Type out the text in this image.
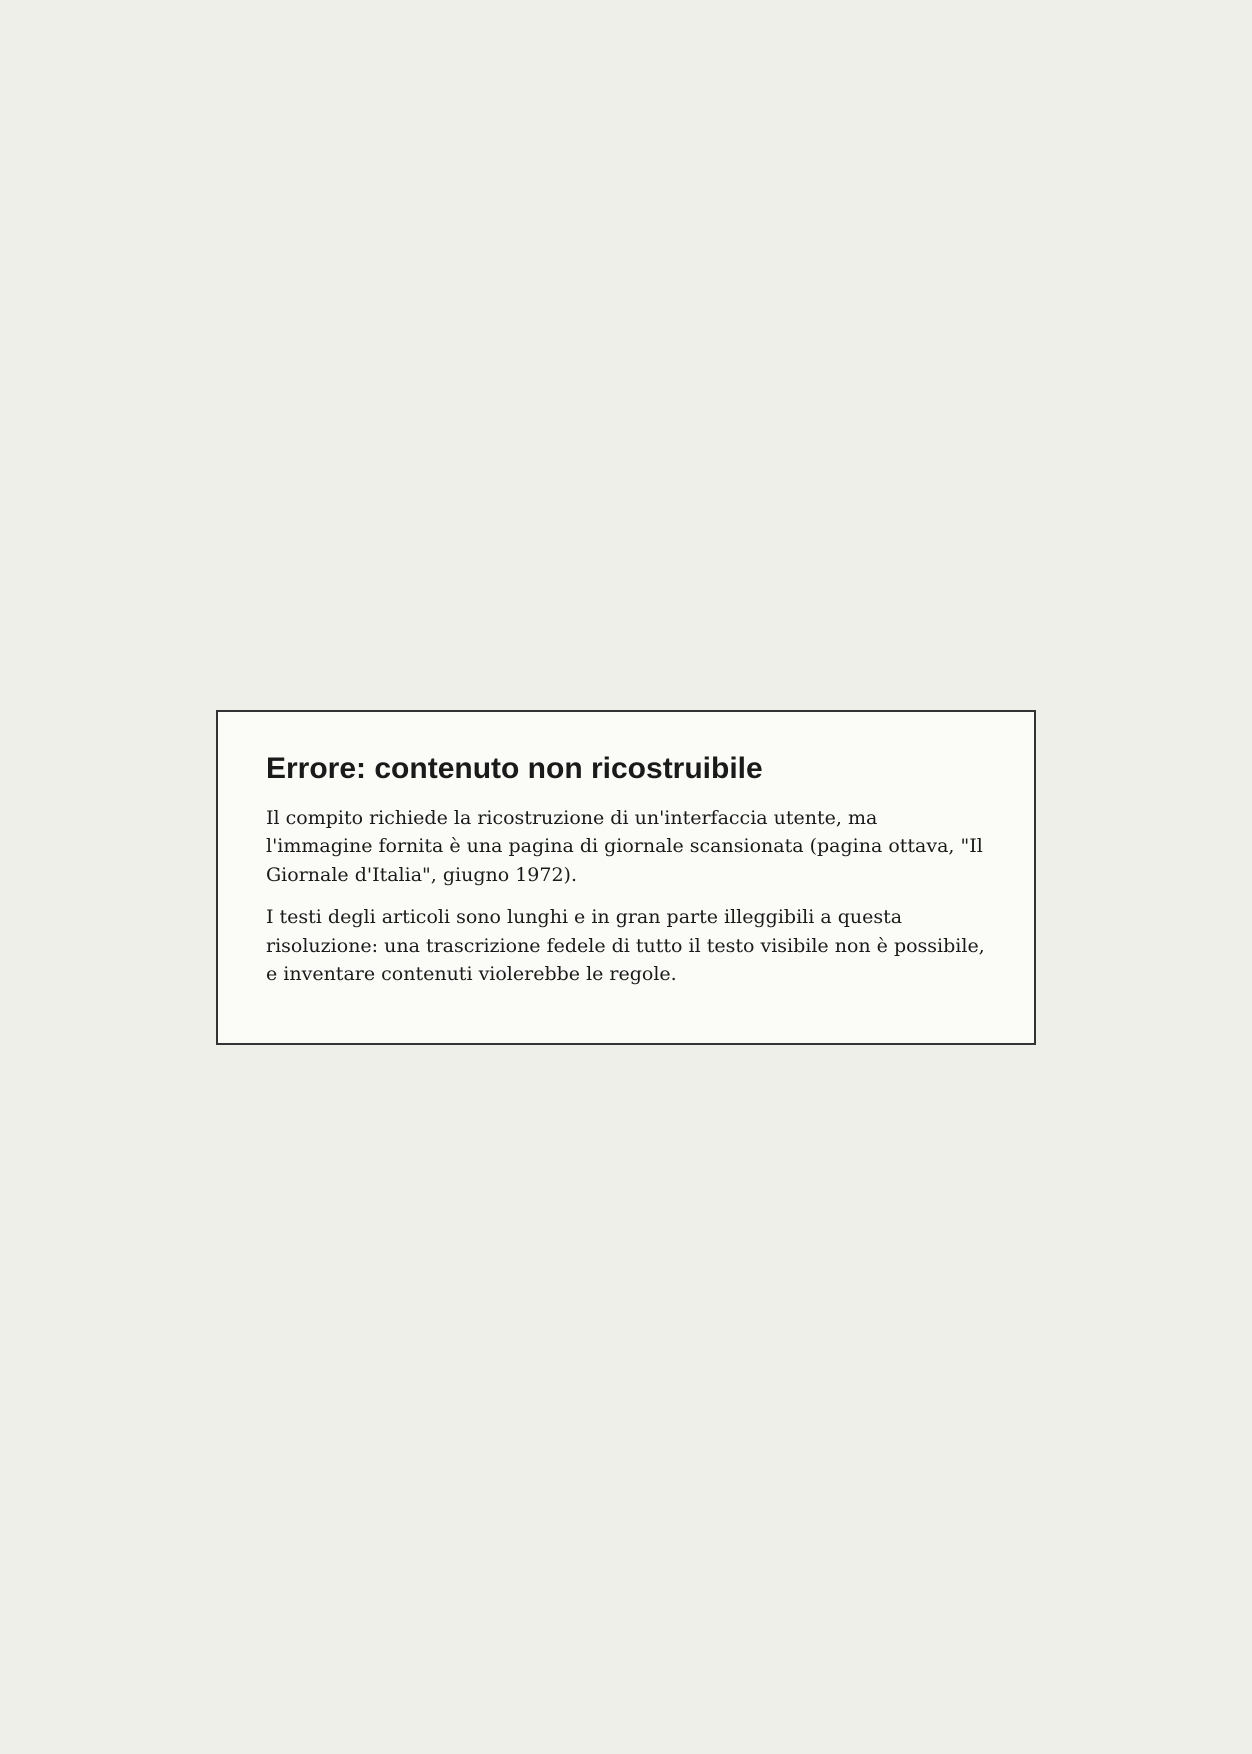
Errore: contenuto non ricostruibile

Il compito richiede la ricostruzione di un'interfaccia utente, ma l'immagine fornita è una pagina di giornale scansionata (pagina ottava, "Il Giornale d'Italia", giugno 1972).

I testi degli articoli sono lunghi e in gran parte illeggibili a questa risoluzione: una trascrizione fedele di tutto il testo visibile non è possibile, e inventare contenuti violerebbe le regole.
